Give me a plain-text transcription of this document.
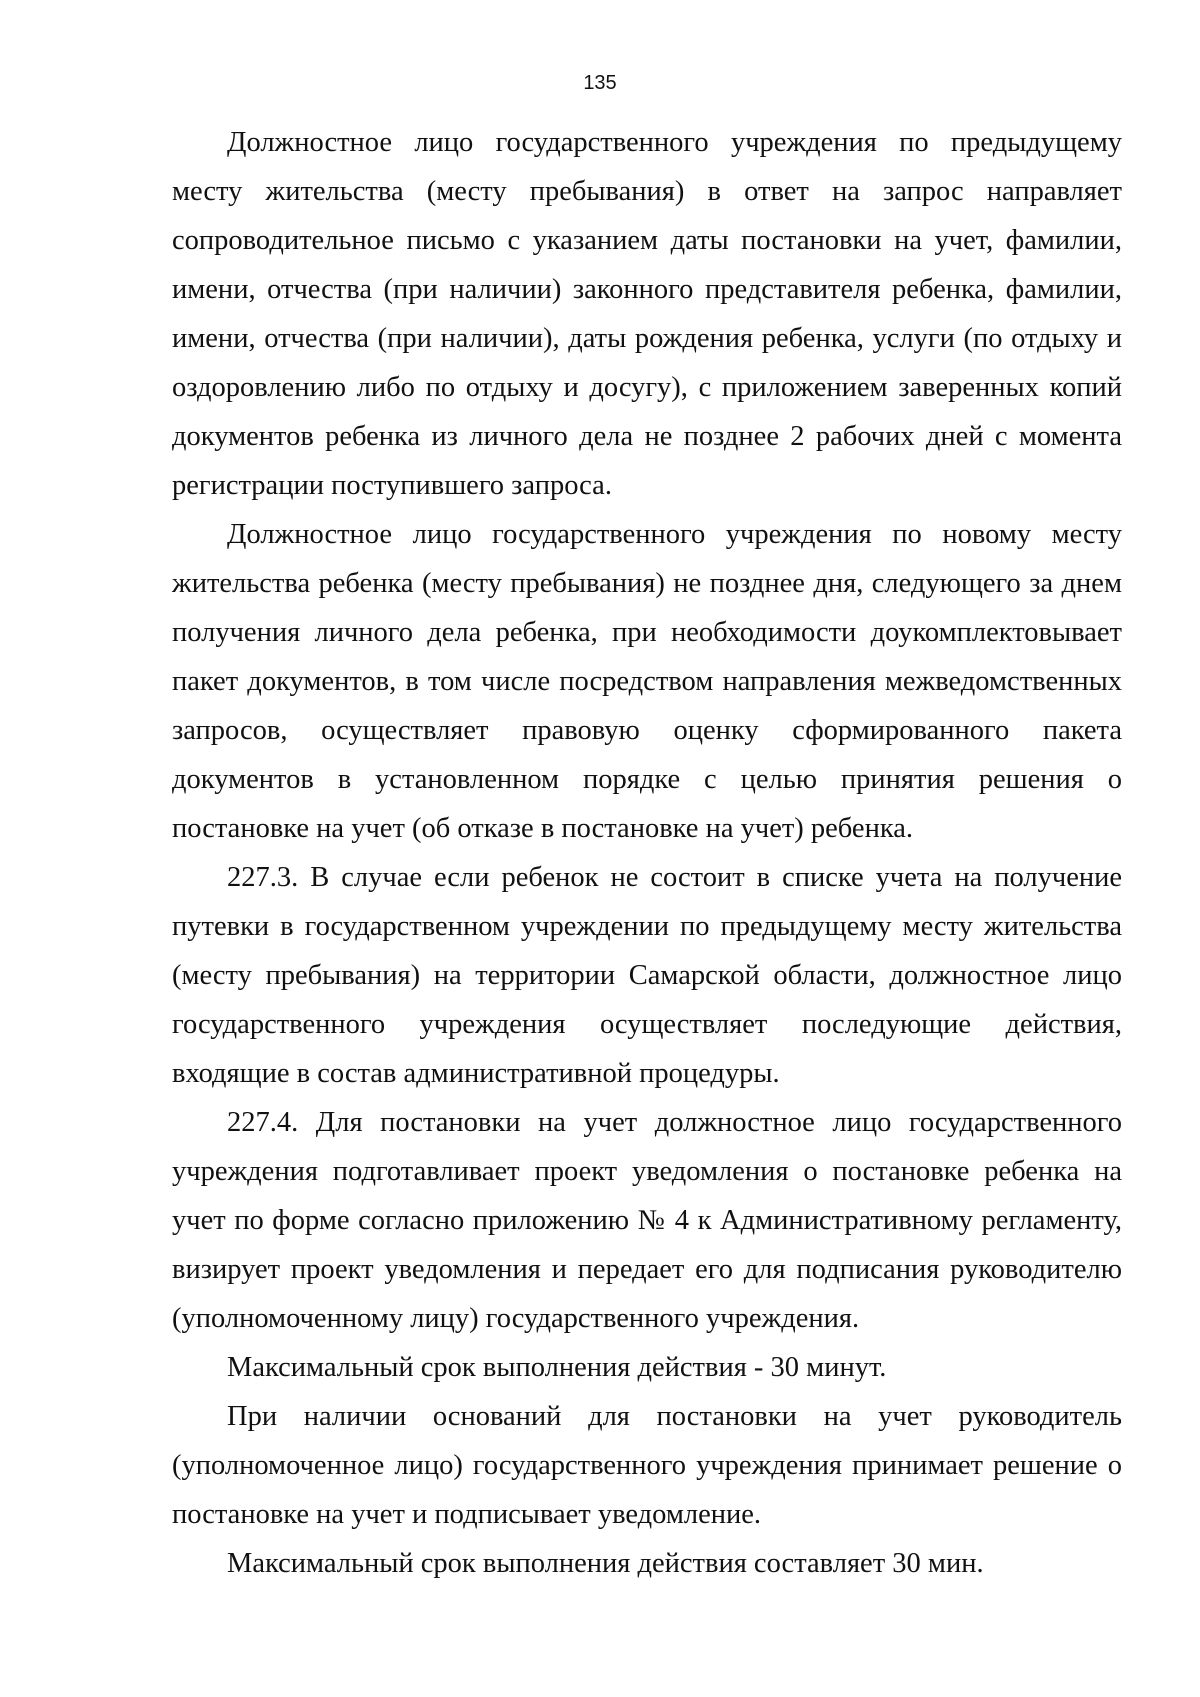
135

Должностное лицо государственного учреждения по предыдущему месту жительства (месту пребывания) в ответ на запрос направляет сопроводительное письмо с указанием даты постановки на учет, фамилии, имени, отчества (при наличии) законного представителя ребенка, фамилии, имени, отчества (при наличии), даты рождения ребенка, услуги (по отдыху и оздоровлению либо по отдыху и досугу), с приложением заверенных копий документов ребенка из личного дела не позднее 2 рабочих дней с момента регистрации поступившего запроса.

Должностное лицо государственного учреждения по новому месту жительства ребенка (месту пребывания) не позднее дня, следующего за днем получения личного дела ребенка, при необходимости доукомплектовывает пакет документов, в том числе посредством направления межведомственных запросов, осуществляет правовую оценку сформированного пакета документов в установленном порядке с целью принятия решения о постановке на учет (об отказе в постановке на учет) ребенка.

227.3. В случае если ребенок не состоит в списке учета на получение путевки в государственном учреждении по предыдущему месту жительства (месту пребывания) на территории Самарской области, должностное лицо государственного учреждения осуществляет последующие действия, входящие в состав административной процедуры.

227.4. Для постановки на учет должностное лицо государственного учреждения подготавливает проект уведомления о постановке ребенка на учет по форме согласно приложению № 4 к Административному регламенту, визирует проект уведомления и передает его для подписания руководителю (уполномоченному лицу) государственного учреждения.

Максимальный срок выполнения действия - 30 минут.

При наличии оснований для постановки на учет руководитель (уполномоченное лицо) государственного учреждения принимает решение о постановке на учет и подписывает уведомление.

Максимальный срок выполнения действия составляет 30 мин.
